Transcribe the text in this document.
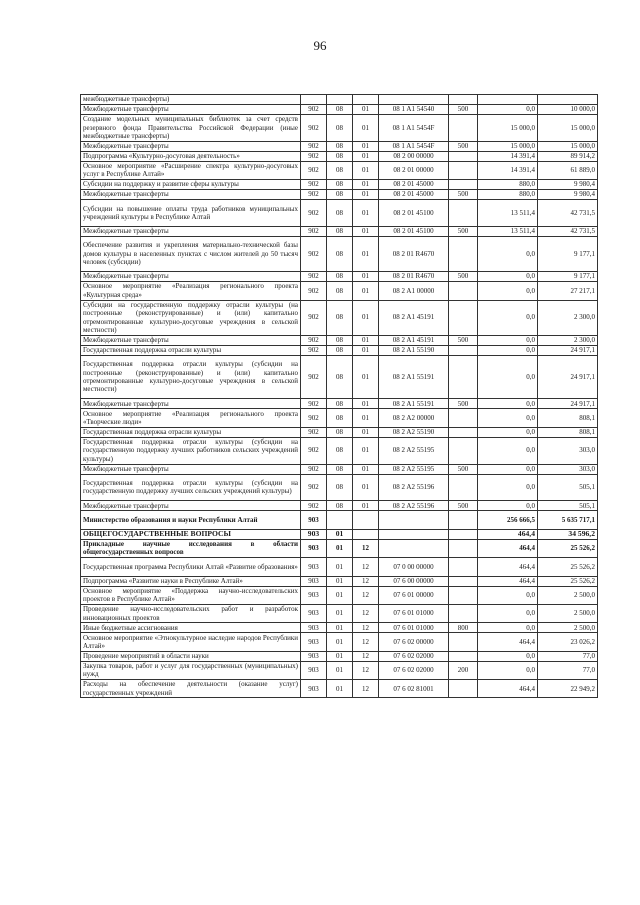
96
межбюджетные трансферты)							
Межбюджетные трансферты	902	08	01	08 1 A1 54540	500	0,0	10 000,0
Создание модельных муниципальных библиотек за счет средств резервного фонда Правительства Российской Федерации (иные межбюджетные трансферты)	902	08	01	08 1 A1 5454F		15 000,0	15 000,0
Межбюджетные трансферты	902	08	01	08 1 A1 5454F	500	15 000,0	15 000,0
Подпрограмма «Культурно-досуговая деятельность»	902	08	01	08 2 00 00000		14 391,4	89 914,2
Основное мероприятие «Расширение спектра культурно-досуговых услуг в Республике Алтай»	902	08	01	08 2 01 00000		14 391,4	61 889,0
Субсидии на поддержку и развитие сферы культуры	902	08	01	08 2 01 45000		880,0	9 980,4
Межбюджетные трансферты	902	08	01	08 2 01 45000	500	880,0	9 980,4
Субсидии на повышение оплаты труда работников муниципальных учреждений культуры в Республике Алтай	902	08	01	08 2 01 45100		13 511,4	42 731,5
Межбюджетные трансферты	902	08	01	08 2 01 45100	500	13 511,4	42 731,5
Обеспечение развития и укрепления материально-технической базы домов культуры в населенных пунктах с числом жителей до 50 тысяч человек (субсидии)	902	08	01	08 2 01 R4670		0,0	9 177,1
Межбюджетные трансферты	902	08	01	08 2 01 R4670	500	0,0	9 177,1
Основное мероприятие «Реализация регионального проекта «Культурная среда»	902	08	01	08 2 A1 00000		0,0	27 217,1
Субсидии на государственную поддержку отрасли культуры (на построенные (реконструированные) и (или) капитально отремонтированные культурно-досуговые учреждения в сельской местности)	902	08	01	08 2 A1 45191		0,0	2 300,0
Межбюджетные трансферты	902	08	01	08 2 A1 45191	500	0,0	2 300,0
Государственная поддержка отрасли культуры	902	08	01	08 2 A1 55190		0,0	24 917,1
Государственная поддержка отрасли культуры (субсидии на построенные (реконструированные) и (или) капитально отремонтированные культурно-досуговые учреждения в сельской местности)	902	08	01	08 2 A1 55191		0,0	24 917,1
Межбюджетные трансферты	902	08	01	08 2 A1 55191	500	0,0	24 917,1
Основное мероприятие «Реализация регионального проекта «Творческие люди»	902	08	01	08 2 A2 00000		0,0	808,1
Государственная поддержка отрасли культуры	902	08	01	08 2 A2 55190		0,0	808,1
Государственная поддержка отрасли культуры (субсидии на государственную поддержку лучших работников сельских учреждений культуры)	902	08	01	08 2 A2 55195		0,0	303,0
Межбюджетные трансферты	902	08	01	08 2 A2 55195	500	0,0	303,0
Государственная поддержка отрасли культуры (субсидии на государственную поддержку лучших сельских учреждений культуры)	902	08	01	08 2 A2 55196		0,0	505,1
Межбюджетные трансферты	902	08	01	08 2 A2 55196	500	0,0	505,1
Министерство образования и науки Республики Алтай	903					256 666,5	5 635 717,1
ОБЩЕГОСУДАРСТВЕННЫЕ ВОПРОСЫ	903	01				464,4	34 596,2
Прикладные научные исследования в области общегосударственных вопросов	903	01	12			464,4	25 526,2
Государственная программа Республики Алтай «Развитие образования»	903	01	12	07 0 00 00000		464,4	25 526,2
Подпрограмма «Развитие науки в Республике Алтай»	903	01	12	07 6 00 00000		464,4	25 526,2
Основное мероприятие «Поддержка научно-исследовательских проектов в Республике Алтай»	903	01	12	07 6 01 00000		0,0	2 500,0
Проведение научно-исследовательских работ и разработок инновационных проектов	903	01	12	07 6 01 01000		0,0	2 500,0
Иные бюджетные ассигнования	903	01	12	07 6 01 01000	800	0,0	2 500,0
Основное мероприятие «Этнокультурное наследие народов Республики Алтай»	903	01	12	07 6 02 00000		464,4	23 026,2
Проведение мероприятий в области науки	903	01	12	07 6 02 02000		0,0	77,0
Закупка товаров, работ и услуг для государственных (муниципальных) нужд	903	01	12	07 6 02 02000	200	0,0	77,0
Расходы на обеспечение деятельности (оказание услуг) государственных учреждений	903	01	12	07 6 02 81001		464,4	22 949,2
